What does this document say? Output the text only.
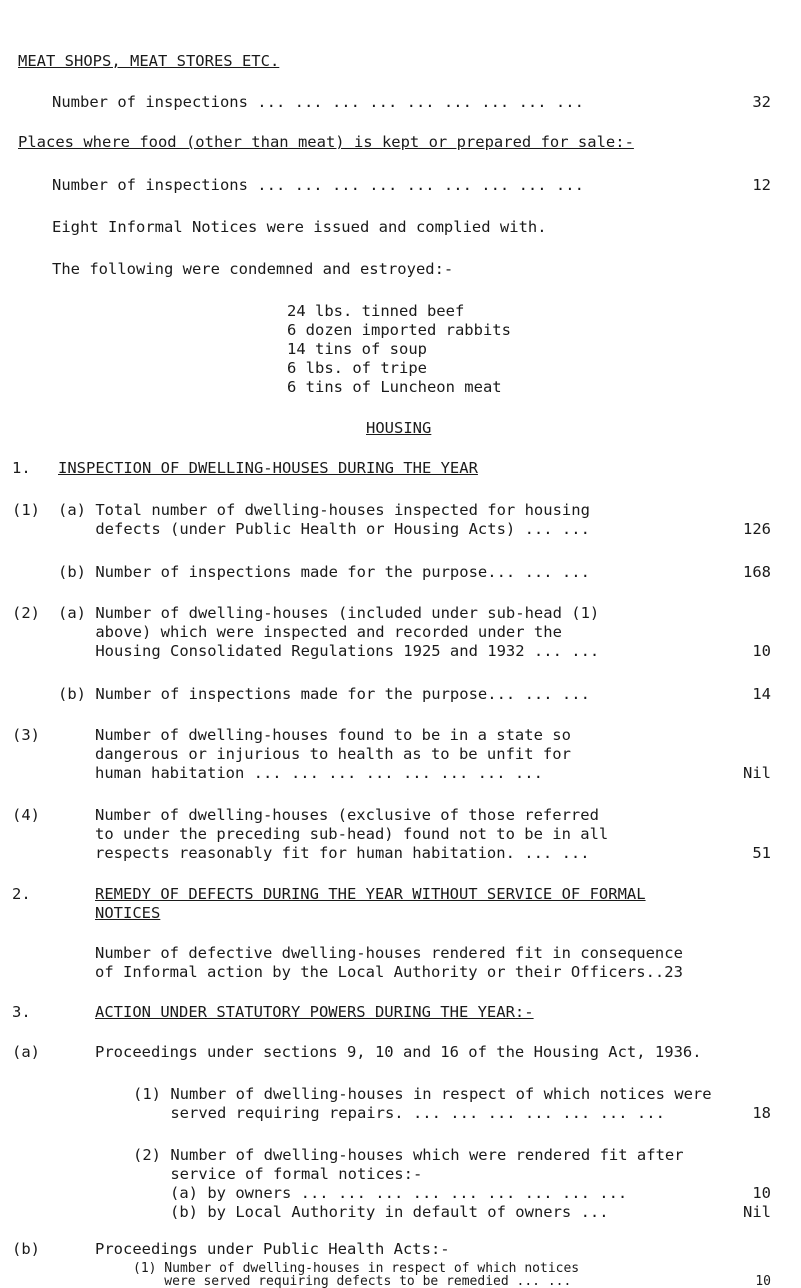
MEAT SHOPS, MEAT STORES ETC.
Number of inspections ... ... ... ... ... ... ... ... ...	32
Places where food (other than meat) is kept or prepared for sale:-
Number of inspections ... ... ... ... ... ... ... ... ...	12
Eight Informal Notices were issued and complied with.
The following were condemned and estroyed:-
24 lbs. tinned beef
6 dozen imported rabbits
14 tins of soup
6 lbs. of tripe
6 tins of Luncheon meat
HOUSING
1. INSPECTION OF DWELLING-HOUSES DURING THE YEAR
(1) (a) Total number of dwelling-houses inspected for housing
defects (under Public Health or Housing Acts) ... ...	126
(b) Number of inspections made for the purpose... ... ...	168
(2) (a) Number of dwelling-houses (included under sub-head (1)
above) which were inspected and recorded under the
Housing Consolidated Regulations 1925 and 1932 ... ...	10
(b) Number of inspections made for the purpose... ... ...	14
(3)	Number of dwelling-houses found to be in a state so
dangerous or injurious to health as to be unfit for
human habitation ... ... ... ... ... ... ... ...	Nil
(4)	Number of dwelling-houses (exclusive of those referred
to under the preceding sub-head) found not to be in all
respects reasonably fit for human habitation. ... ...	51
2.	REMEDY OF DEFECTS DURING THE YEAR WITHOUT SERVICE OF FORMAL
NOTICES
Number of defective dwelling-houses rendered fit in consequence
of Informal action by the Local Authority or their Officers..23
3.	ACTION UNDER STATUTORY POWERS DURING THE YEAR:-
(a)	Proceedings under sections 9, 10 and 16 of the Housing Act, 1936.
(1) Number of dwelling-houses in respect of which notices were
served requiring repairs. ... ... ... ... ... ... ...	18
(2) Number of dwelling-houses which were rendered fit after
service of formal notices:-
(a) by owners ... ... ... ... ... ... ... ... ...	10
(b) by Local Authority in default of owners ...	Nil
(b)	Proceedings under Public Health Acts:-
(1) Number of dwelling-houses in respect of which notices
were served requiring defects to be remedied ... ...	10
